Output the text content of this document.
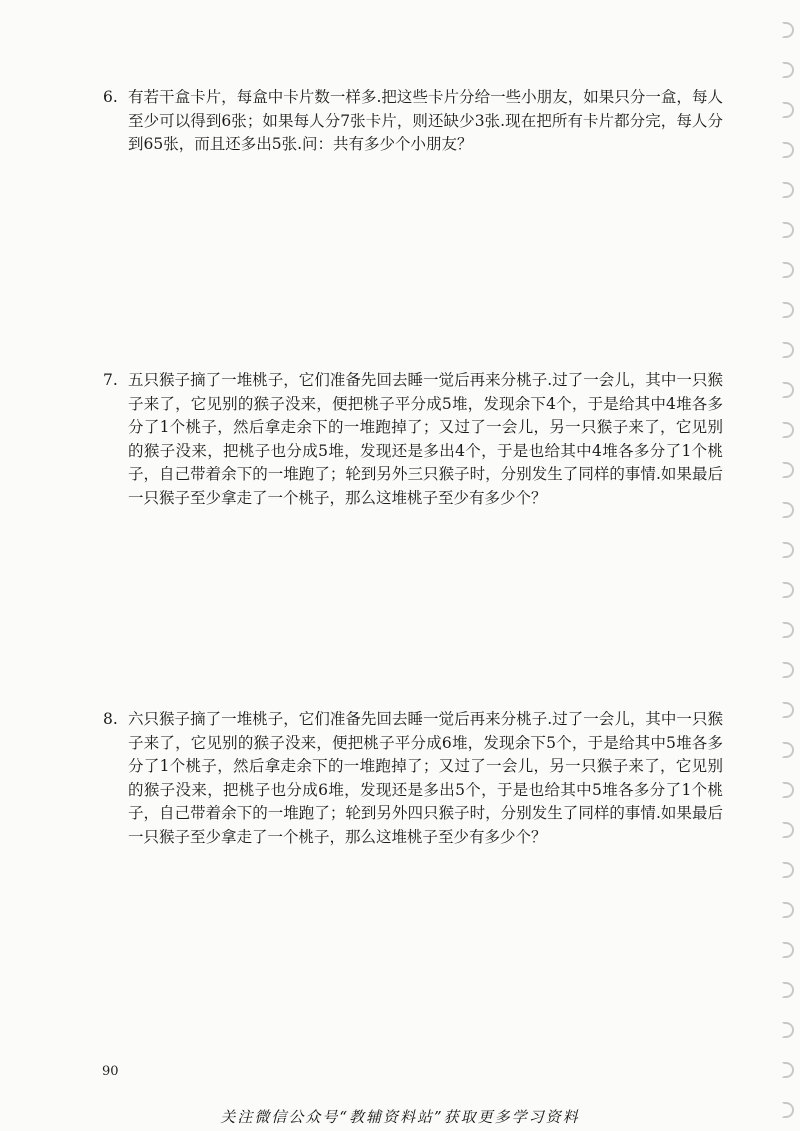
6. 有若干盒卡片，每盒中卡片数一样多.把这些卡片分给一些小朋友，如果只分一盒，每人至少可以得到6张；如果每人分7张卡片，则还缺少3张.现在把所有卡片都分完，每人分到65张，而且还多出5张.问：共有多少个小朋友？
7. 五只猴子摘了一堆桃子，它们准备先回去睡一觉后再来分桃子.过了一会儿，其中一只猴子来了，它见别的猴子没来，便把桃子平分成5堆，发现余下4个，于是给其中4堆各多分了1个桃子，然后拿走余下的一堆跑掉了；又过了一会儿，另一只猴子来了，它见别的猴子没来，把桃子也分成5堆，发现还是多出4个，于是也给其中4堆各多分了1个桃子，自己带着余下的一堆跑了；轮到另外三只猴子时，分别发生了同样的事情.如果最后一只猴子至少拿走了一个桃子，那么这堆桃子至少有多少个？
8. 六只猴子摘了一堆桃子，它们准备先回去睡一觉后再来分桃子.过了一会儿，其中一只猴子来了，它见别的猴子没来，便把桃子平分成6堆，发现余下5个，于是给其中5堆各多分了1个桃子，然后拿走余下的一堆跑掉了；又过了一会儿，另一只猴子来了，它见别的猴子没来，把桃子也分成6堆，发现还是多出5个，于是也给其中5堆各多分了1个桃子，自己带着余下的一堆跑了；轮到另外四只猴子时，分别发生了同样的事情.如果最后一只猴子至少拿走了一个桃子，那么这堆桃子至少有多少个？
90
关注微信公众号“教辅资料站”获取更多学习资料
